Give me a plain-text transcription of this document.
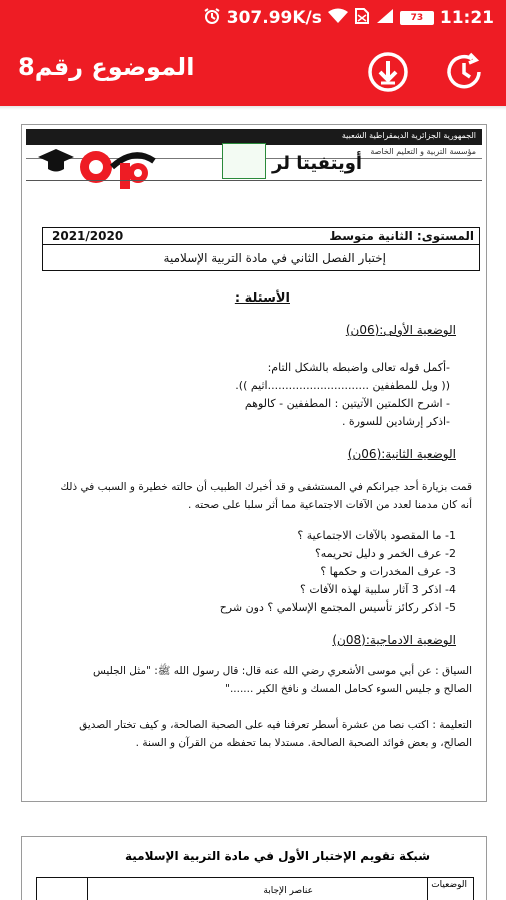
307.99K/s	73 11:21
الموضوع رقم8
الجمهورية الجزائرية الديمقراطية الشعبية
مؤسسة التربية و التعليم الخاصة
أويتفيتا لر
المستوى: الثانية متوسط
2021/2020
إختبار الفصل الثاني في مادة التربية الإسلامية
الأسئلة :
الوضعية الأولى:(06ن)
-أكمل قوله تعالى واضبطه بالشكل التام:
(( ويل للمطففين .............................اثيم )).
- اشرح الكلمتين الآتيتين : المطففين - كالوهم
-اذكر إرشادين للسورة .
الوضعية الثانية:(06ن)
قمت بزيارة أحد جيرانكم في المستشفى و قد أخبرك الطبيب أن حالته خطيرة و السبب في ذلك
أنه كان مدمنا لعدد من الآفات الاجتماعية مما أثر سلبا على صحته .
1- ما المقصود بالآفات الاجتماعية ؟
2- عرف الخمر و دليل تحريمه؟
3- عرف المخدرات و حكمها ؟
4- اذكر 3 آثار سلبية لهذه الآفات ؟
5- اذكر ركائز تأسيس المجتمع الإسلامي ؟ دون شرح
الوضعية الادماجية:(08ن)
السياق : عن أبي موسى الأشعري رضي الله عنه قال: قال رسول الله ﷺ: "مثل الجليس
الصالح و جليس السوء كحامل المسك و نافخ الكير ......."
التعليمة : اكتب نصا من عشرة أسطر تعرفنا فيه على الصحبة الصالحة، و كيف تختار الصديق
الصالح، و بعض فوائد الصحبة الصالحة. مستدلا بما تحفظه من القرآن و السنة .
شبكة تقويم الإختبار الأول في مادة التربية الإسلامية
الوضعيات
عناصر الإجابة
